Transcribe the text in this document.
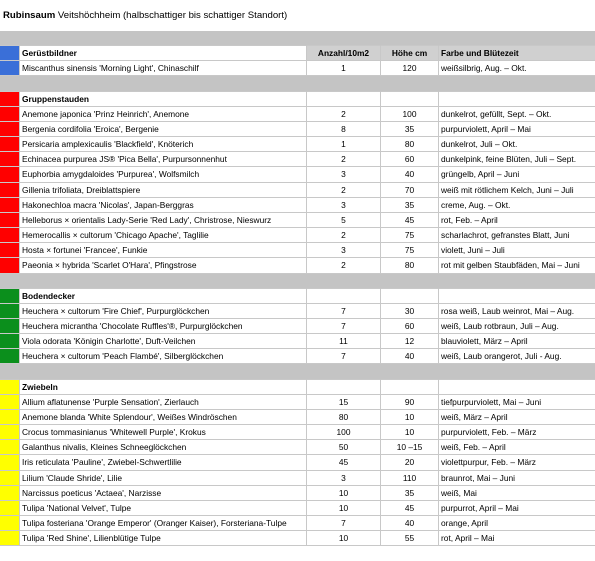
Rubinsaum Veitshöchheim (halbschattiger bis schattiger Standort)
Gerüstbildner	Anzahl/10m2	Höhe cm	Farbe und Blütezeit
Miscanthus sinensis 'Morning Light', Chinaschilf	1	120	weißsilbrig, Aug. – Okt.
Gruppenstauden
Anemone japonica 'Prinz Heinrich', Anemone	2	100	dunkelrot, gefüllt, Sept. – Okt.
Bergenia cordifolia 'Eroica', Bergenie	8	35	purpurviolett, April – Mai
Persicaria amplexicaulis 'Blackfield', Knöterich	1	80	dunkelrot, Juli – Okt.
Echinacea purpurea JS® 'Pica Bella', Purpursonnenhut	2	60	dunkelpink, feine Blüten, Juli – Sept.
Euphorbia amygdaloides 'Purpurea', Wolfsmilch	3	40	grüngelb, April – Juni
Gillenia trifoliata, Dreiblattspiere	2	70	weiß mit rötlichem Kelch, Juni – Juli
Hakonechloa macra 'Nicolas', Japan-Berggras	3	35	creme, Aug. – Okt.
Helleborus × orientalis Lady-Serie 'Red Lady', Christrose, Nieswurz	5	45	rot, Feb. – April
Hemerocallis × cultorum 'Chicago Apache', Taglilie	2	75	scharlachrot, gefranstes Blatt, Juni
Hosta × fortunei 'Francee', Funkie	3	75	violett, Juni – Juli
Paeonia × hybrida 'Scarlet O'Hara', Pfingstrose	2	80	rot mit gelben Staubfäden, Mai – Juni
Bodendecker
Heuchera × cultorum 'Fire Chief', Purpurglöckchen	7	30	rosa weiß, Laub weinrot, Mai – Aug.
Heuchera micrantha 'Chocolate Ruffles'®, Purpurglöckchen	7	60	weiß, Laub rotbraun, Juli – Aug.
Viola odorata 'Königin Charlotte', Duft-Veilchen	11	12	blauviolett, März – April
Heuchera × cultorum 'Peach Flambé', Silberglöckchen	7	40	weiß, Laub orangerot, Juli - Aug.
Zwiebeln
Allium aflatunense 'Purple Sensation', Zierlauch	15	90	tiefpurpurviolett, Mai – Juni
Anemone blanda 'White Splendour', Weißes Windröschen	80	10	weiß, März – April
Crocus tommasinianus 'Whitewell Purple', Krokus	100	10	purpurviolett, Feb. – März
Galanthus nivalis, Kleines Schneeglöckchen	50	10 –15	weiß, Feb. – April
Iris reticulata 'Pauline', Zwiebel-Schwertlilie	45	20	violettpurpur, Feb. – März
Lilium 'Claude Shride', Lilie	3	110	braunrot, Mai – Juni
Narcissus poeticus 'Actaea', Narzisse	10	35	weiß, Mai
Tulipa 'National Velvet', Tulpe	10	45	purpurrot, April – Mai
Tulipa fosteriana 'Orange Emperor' (Oranger Kaiser), Forsteriana-Tulpe	7	40	orange, April
Tulipa 'Red Shine', Lilienblütige Tulpe	10	55	rot, April – Mai
